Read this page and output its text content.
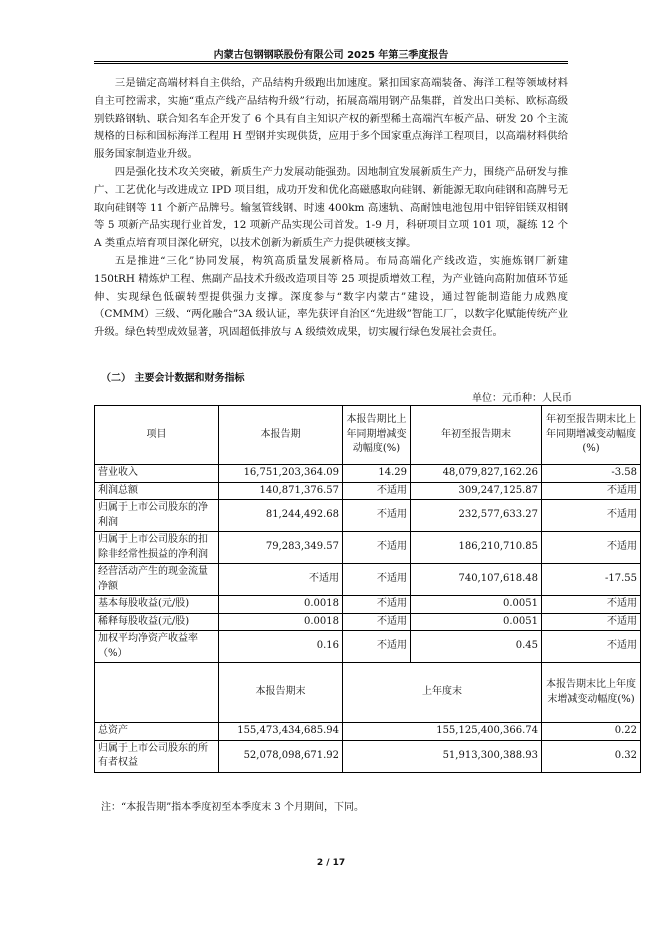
内蒙古包钢钢联股份有限公司 2025 年第三季度报告

三是锚定高端材料自主供给，产品结构升级跑出加速度。紧扣国家高端装备、海洋工程等领域材料自主可控需求，实施“重点产线产品结构升级”行动，拓展高端用钢产品集群，首发出口美标、欧标高级别铁路钢轨、联合知名车企开发了 6 个具有自主知识产权的新型稀土高端汽车板产品、研发 20 个主流规格的日标和国标海洋工程用 H 型钢并实现供货，应用于多个国家重点海洋工程项目，以高端材料供给服务国家制造业升级。

四是强化技术攻关突破，新质生产力发展动能强劲。因地制宜发展新质生产力，围绕产品研发与推广、工艺优化与改进成立 IPD 项目组，成功开发和优化高磁感取向硅钢、新能源无取向硅钢和高牌号无取向硅钢等 11 个新产品牌号。输氢管线钢、时速 400km 高速轨、高耐蚀电池包用中铝锌铝镁双相钢等 5 项新产品实现行业首发，12 项新产品实现公司首发。1-9 月，科研项目立项 101 项，凝练 12 个 A 类重点培育项目深化研究，以技术创新为新质生产力提供硬核支撑。

五是推进“三化”协同发展，构筑高质量发展新格局。布局高端化产线改造，实施炼钢厂新建 150tRH 精炼炉工程、焦副产品技术升级改造项目等 25 项提质增效工程，为产业链向高附加值环节延伸、实现绿色低碳转型提供强力支撑。深度参与“数字内蒙古”建设，通过智能制造能力成熟度（CMMM）三级、“两化融合”3A 级认证，率先获评自治区“先进级”智能工厂，以数字化赋能传统产业升级。绿色转型成效显著，巩固超低排放与 A 级绩效成果，切实履行绿色发展社会责任。

（二） 主要会计数据和财务指标
单位：元币种：人民币
项目	本报告期	本报告期比上年同期增减变动幅度(%)	年初至报告期末	年初至报告期末比上年同期增减变动幅度(%)
营业收入	16,751,203,364.09	14.29	48,079,827,162.26	-3.58
利润总额	140,871,376.57	不适用	309,247,125.87	不适用
归属于上市公司股东的净利润	81,244,492.68	不适用	232,577,633.27	不适用
归属于上市公司股东的扣除非经常性损益的净利润	79,283,349.57	不适用	186,210,710.85	不适用
经营活动产生的现金流量净额	不适用	不适用	740,107,618.48	-17.55
基本每股收益(元/股)	0.0018	不适用	0.0051	不适用
稀释每股收益(元/股)	0.0018	不适用	0.0051	不适用
加权平均净资产收益率（%）	0.16	不适用	0.45	不适用
	本报告期末	上年度末		本报告期末比上年度末增减变动幅度(%)
总资产	155,473,434,685.94	155,125,400,366.74		0.22
归属于上市公司股东的所有者权益	52,078,098,671.92	51,913,300,388.93		0.32
注：“本报告期”指本季度初至本季度末 3 个月期间，下同。
2 / 17
